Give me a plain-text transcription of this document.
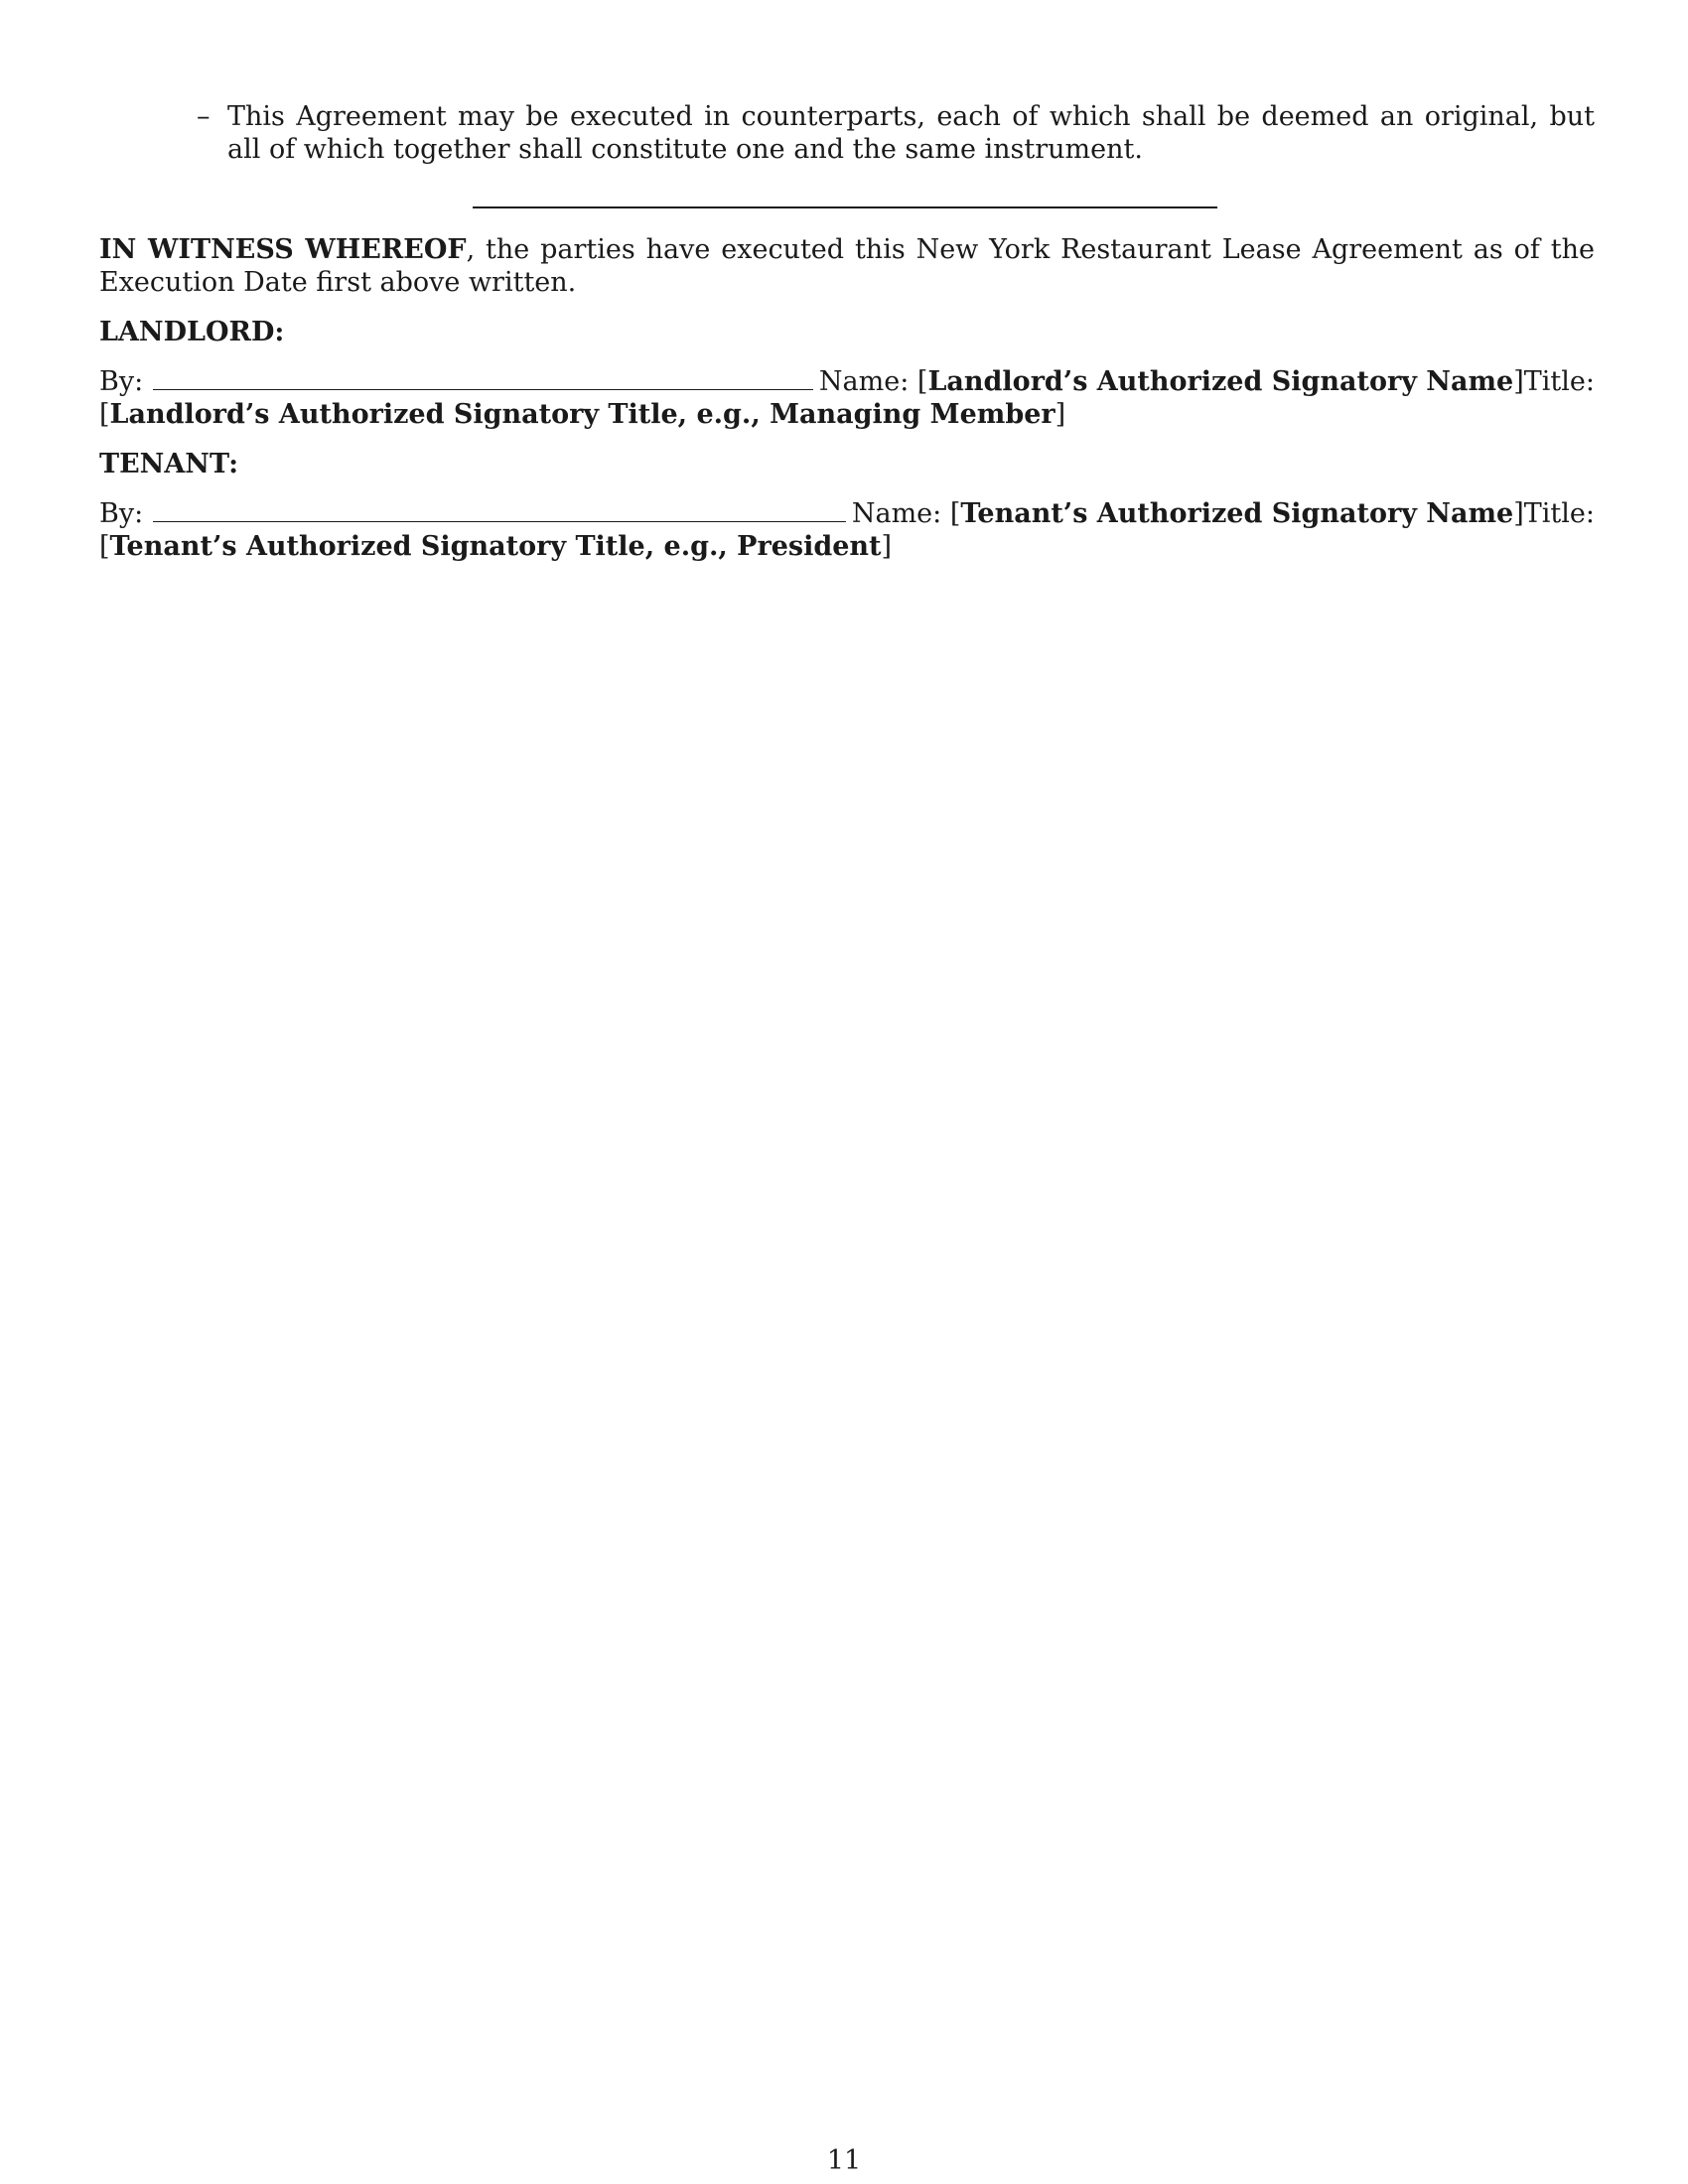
– This Agreement may be executed in counterparts, each of which shall be deemed an original, but all of which together shall constitute one and the same instrument.
IN WITNESS WHEREOF, the parties have executed this New York Restaurant Lease Agreement as of the Execution Date first above written.
LANDLORD:
By:	Name: [ Landlord’s Authorized Signatory Name ] Title:
[Landlord’s Authorized Signatory Title, e.g., Managing Member]
TENANT:
By:	Name: [ Tenant’s Authorized Signatory Name ] Title:
[Tenant’s Authorized Signatory Title, e.g., President]
11
